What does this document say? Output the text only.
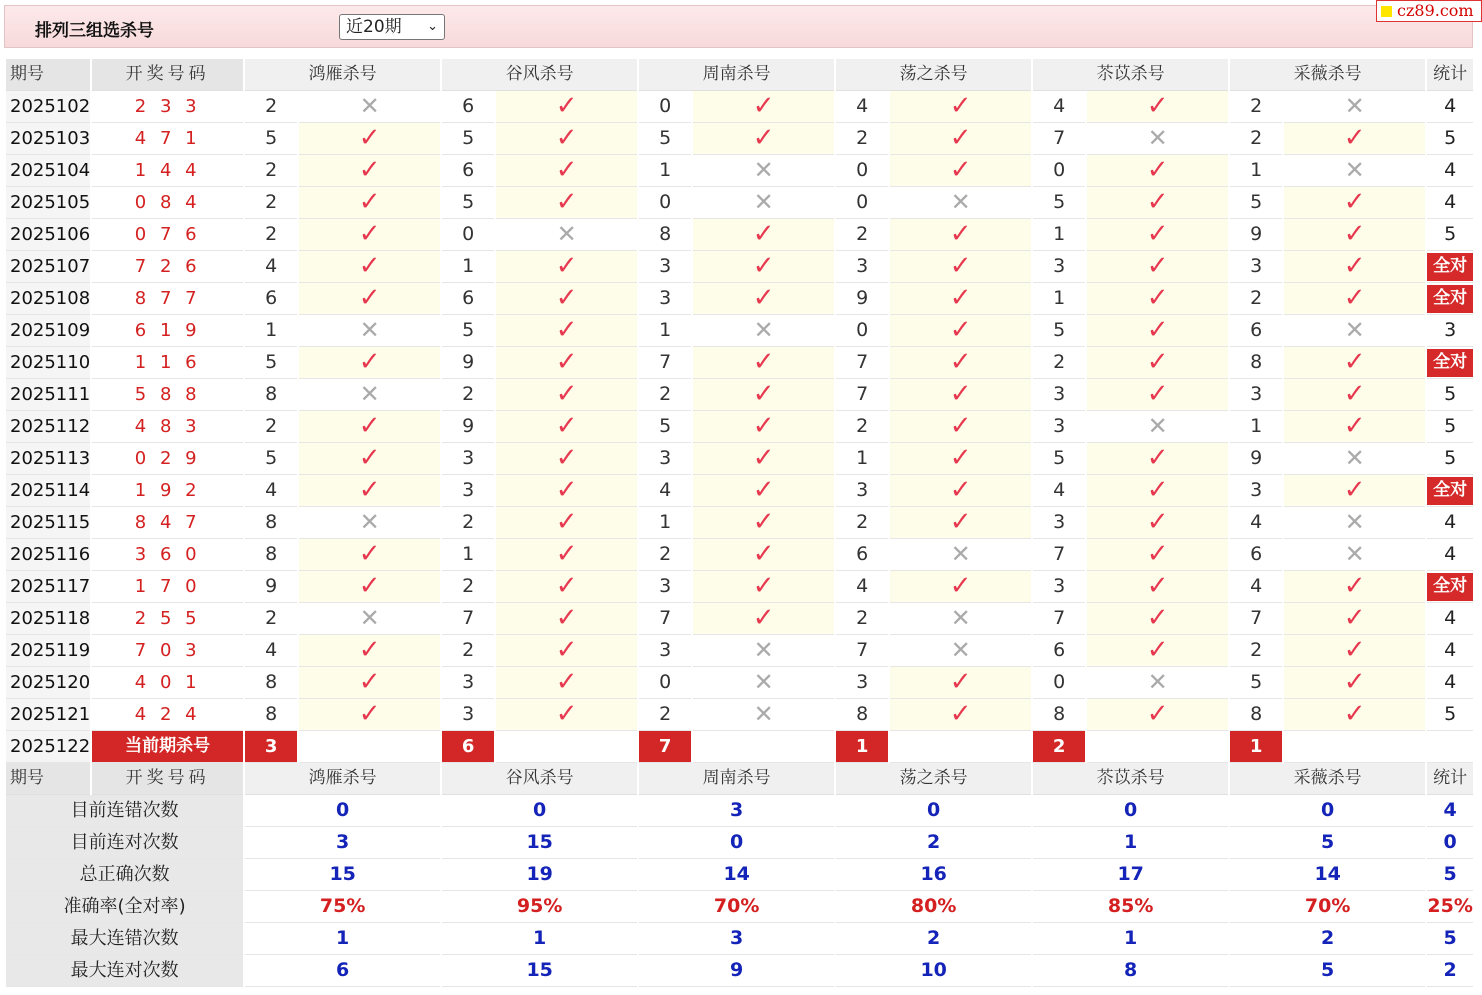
排列三组选杀号	近20期 ⌄
cz89.com
期号	开奖号码	鸿雁杀号		谷风杀号		周南杀号		荡之杀号		苶苡杀号		采薇杀号		统计
2025102	2 3 3	2	✕	6	✓	0	✓	4	✓	4	✓	2	✕	4
2025103	4 7 1	5	✓	5	✓	5	✓	2	✓	7	✕	2	✓	5
2025104	1 4 4	2	✓	6	✓	1	✕	0	✓	0	✓	1	✕	4
2025105	0 8 4	2	✓	5	✓	0	✕	0	✕	5	✓	5	✓	4
2025106	0 7 6	2	✓	0	✕	8	✓	2	✓	1	✓	9	✓	5
2025107	7 2 6	4	✓	1	✓	3	✓	3	✓	3	✓	3	✓	全对
2025108	8 7 7	6	✓	6	✓	3	✓	9	✓	1	✓	2	✓	全对
2025109	6 1 9	1	✕	5	✓	1	✕	0	✓	5	✓	6	✕	3
2025110	1 1 6	5	✓	9	✓	7	✓	7	✓	2	✓	8	✓	全对
2025111	5 8 8	8	✕	2	✓	2	✓	7	✓	3	✓	3	✓	5
2025112	4 8 3	2	✓	9	✓	5	✓	2	✓	3	✕	1	✓	5
2025113	0 2 9	5	✓	3	✓	3	✓	1	✓	5	✓	9	✕	5
2025114	1 9 2	4	✓	3	✓	4	✓	3	✓	4	✓	3	✓	全对
2025115	8 4 7	8	✕	2	✓	1	✓	2	✓	3	✓	4	✕	4
2025116	3 6 0	8	✓	1	✓	2	✓	6	✕	7	✓	6	✕	4
2025117	1 7 0	9	✓	2	✓	3	✓	4	✓	3	✓	4	✓	全对
2025118	2 5 5	2	✕	7	✓	7	✓	2	✕	7	✓	7	✓	4
2025119	7 0 3	4	✓	2	✓	3	✕	7	✕	6	✓	2	✓	4
2025120	4 0 1	8	✓	3	✓	0	✕	3	✓	0	✕	5	✓	4
2025121	4 2 4	8	✓	3	✓	2	✕	8	✓	8	✓	8	✓	5
2025122	当前期杀号	3		6		7		1		2		1		
期号	开奖号码	鸿雁杀号		谷风杀号		周南杀号		荡之杀号		苶苡杀号		采薇杀号		统计
目前连错次数		0		0		3		0		0		0		4
目前连对次数		3		15		0		2		1		5		0
总正确次数		15		19		14		16		17		14		5
准确率(全对率)		75%		95%		70%		80%		85%		70%		25%
最大连错次数		1		1		3		2		1		2		5
最大连对次数		6		15		9		10		8		5		2
